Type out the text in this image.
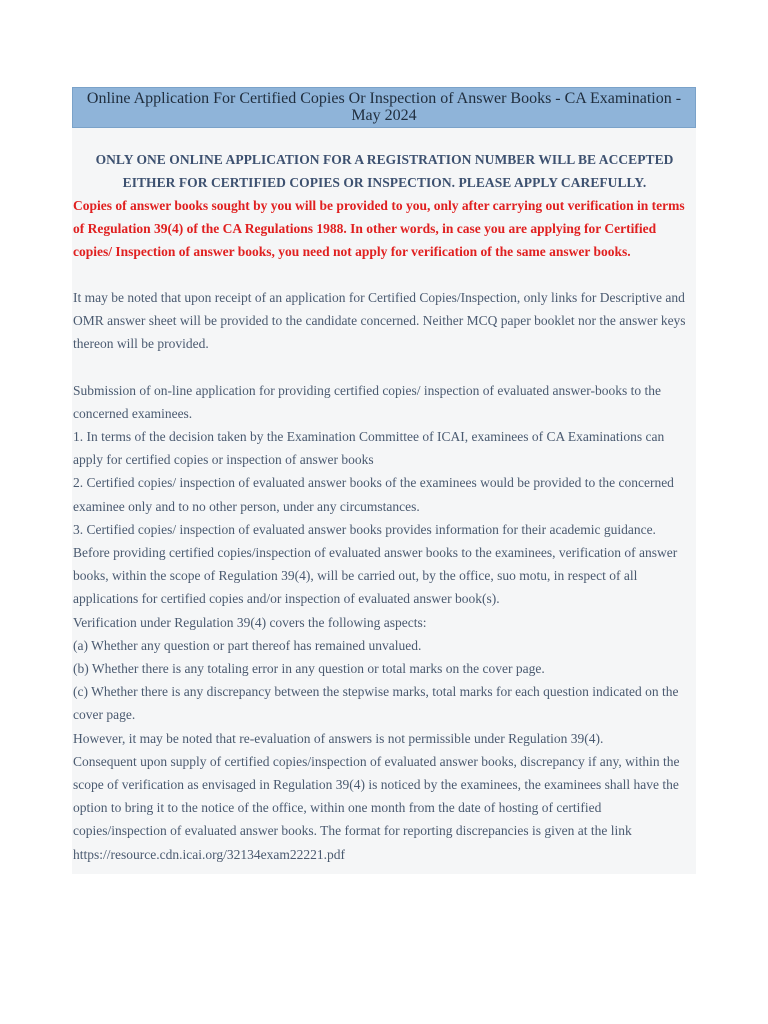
Online Application For Certified Copies Or Inspection of Answer Books - CA Examination - May 2024
ONLY ONE ONLINE APPLICATION FOR A REGISTRATION NUMBER WILL BE ACCEPTED EITHER FOR CERTIFIED COPIES OR INSPECTION. PLEASE APPLY CAREFULLY.

Copies of answer books sought by you will be provided to you, only after carrying out verification in terms of Regulation 39(4) of the CA Regulations 1988. In other words, in case you are applying for Certified copies/ Inspection of answer books, you need not apply for verification of the same answer books.

It may be noted that upon receipt of an application for Certified Copies/Inspection, only links for Descriptive and OMR answer sheet will be provided to the candidate concerned. Neither MCQ paper booklet nor the answer keys thereon will be provided.

Submission of on-line application for providing certified copies/ inspection of evaluated answer-books to the concerned examinees.

1. In terms of the decision taken by the Examination Committee of ICAI, examinees of CA Examinations can apply for certified copies or inspection of answer books

2. Certified copies/ inspection of evaluated answer books of the examinees would be provided to the concerned examinee only and to no other person, under any circumstances.

3. Certified copies/ inspection of evaluated answer books provides information for their academic guidance. Before providing certified copies/inspection of evaluated answer books to the examinees, verification of answer books, within the scope of Regulation 39(4), will be carried out, by the office, suo motu, in respect of all applications for certified copies and/or inspection of evaluated answer book(s).

Verification under Regulation 39(4) covers the following aspects:

(a) Whether any question or part thereof has remained unvalued.

(b) Whether there is any totaling error in any question or total marks on the cover page.

(c) Whether there is any discrepancy between the stepwise marks, total marks for each question indicated on the cover page.

However, it may be noted that re-evaluation of answers is not permissible under Regulation 39(4).

Consequent upon supply of certified copies/inspection of evaluated answer books, discrepancy if any, within the scope of verification as envisaged in Regulation 39(4) is noticed by the examinees, the examinees shall have the option to bring it to the notice of the office, within one month from the date of hosting of certified copies/inspection of evaluated answer books. The format for reporting discrepancies is given at the link

https://resource.cdn.icai.org/32134exam22221.pdf
